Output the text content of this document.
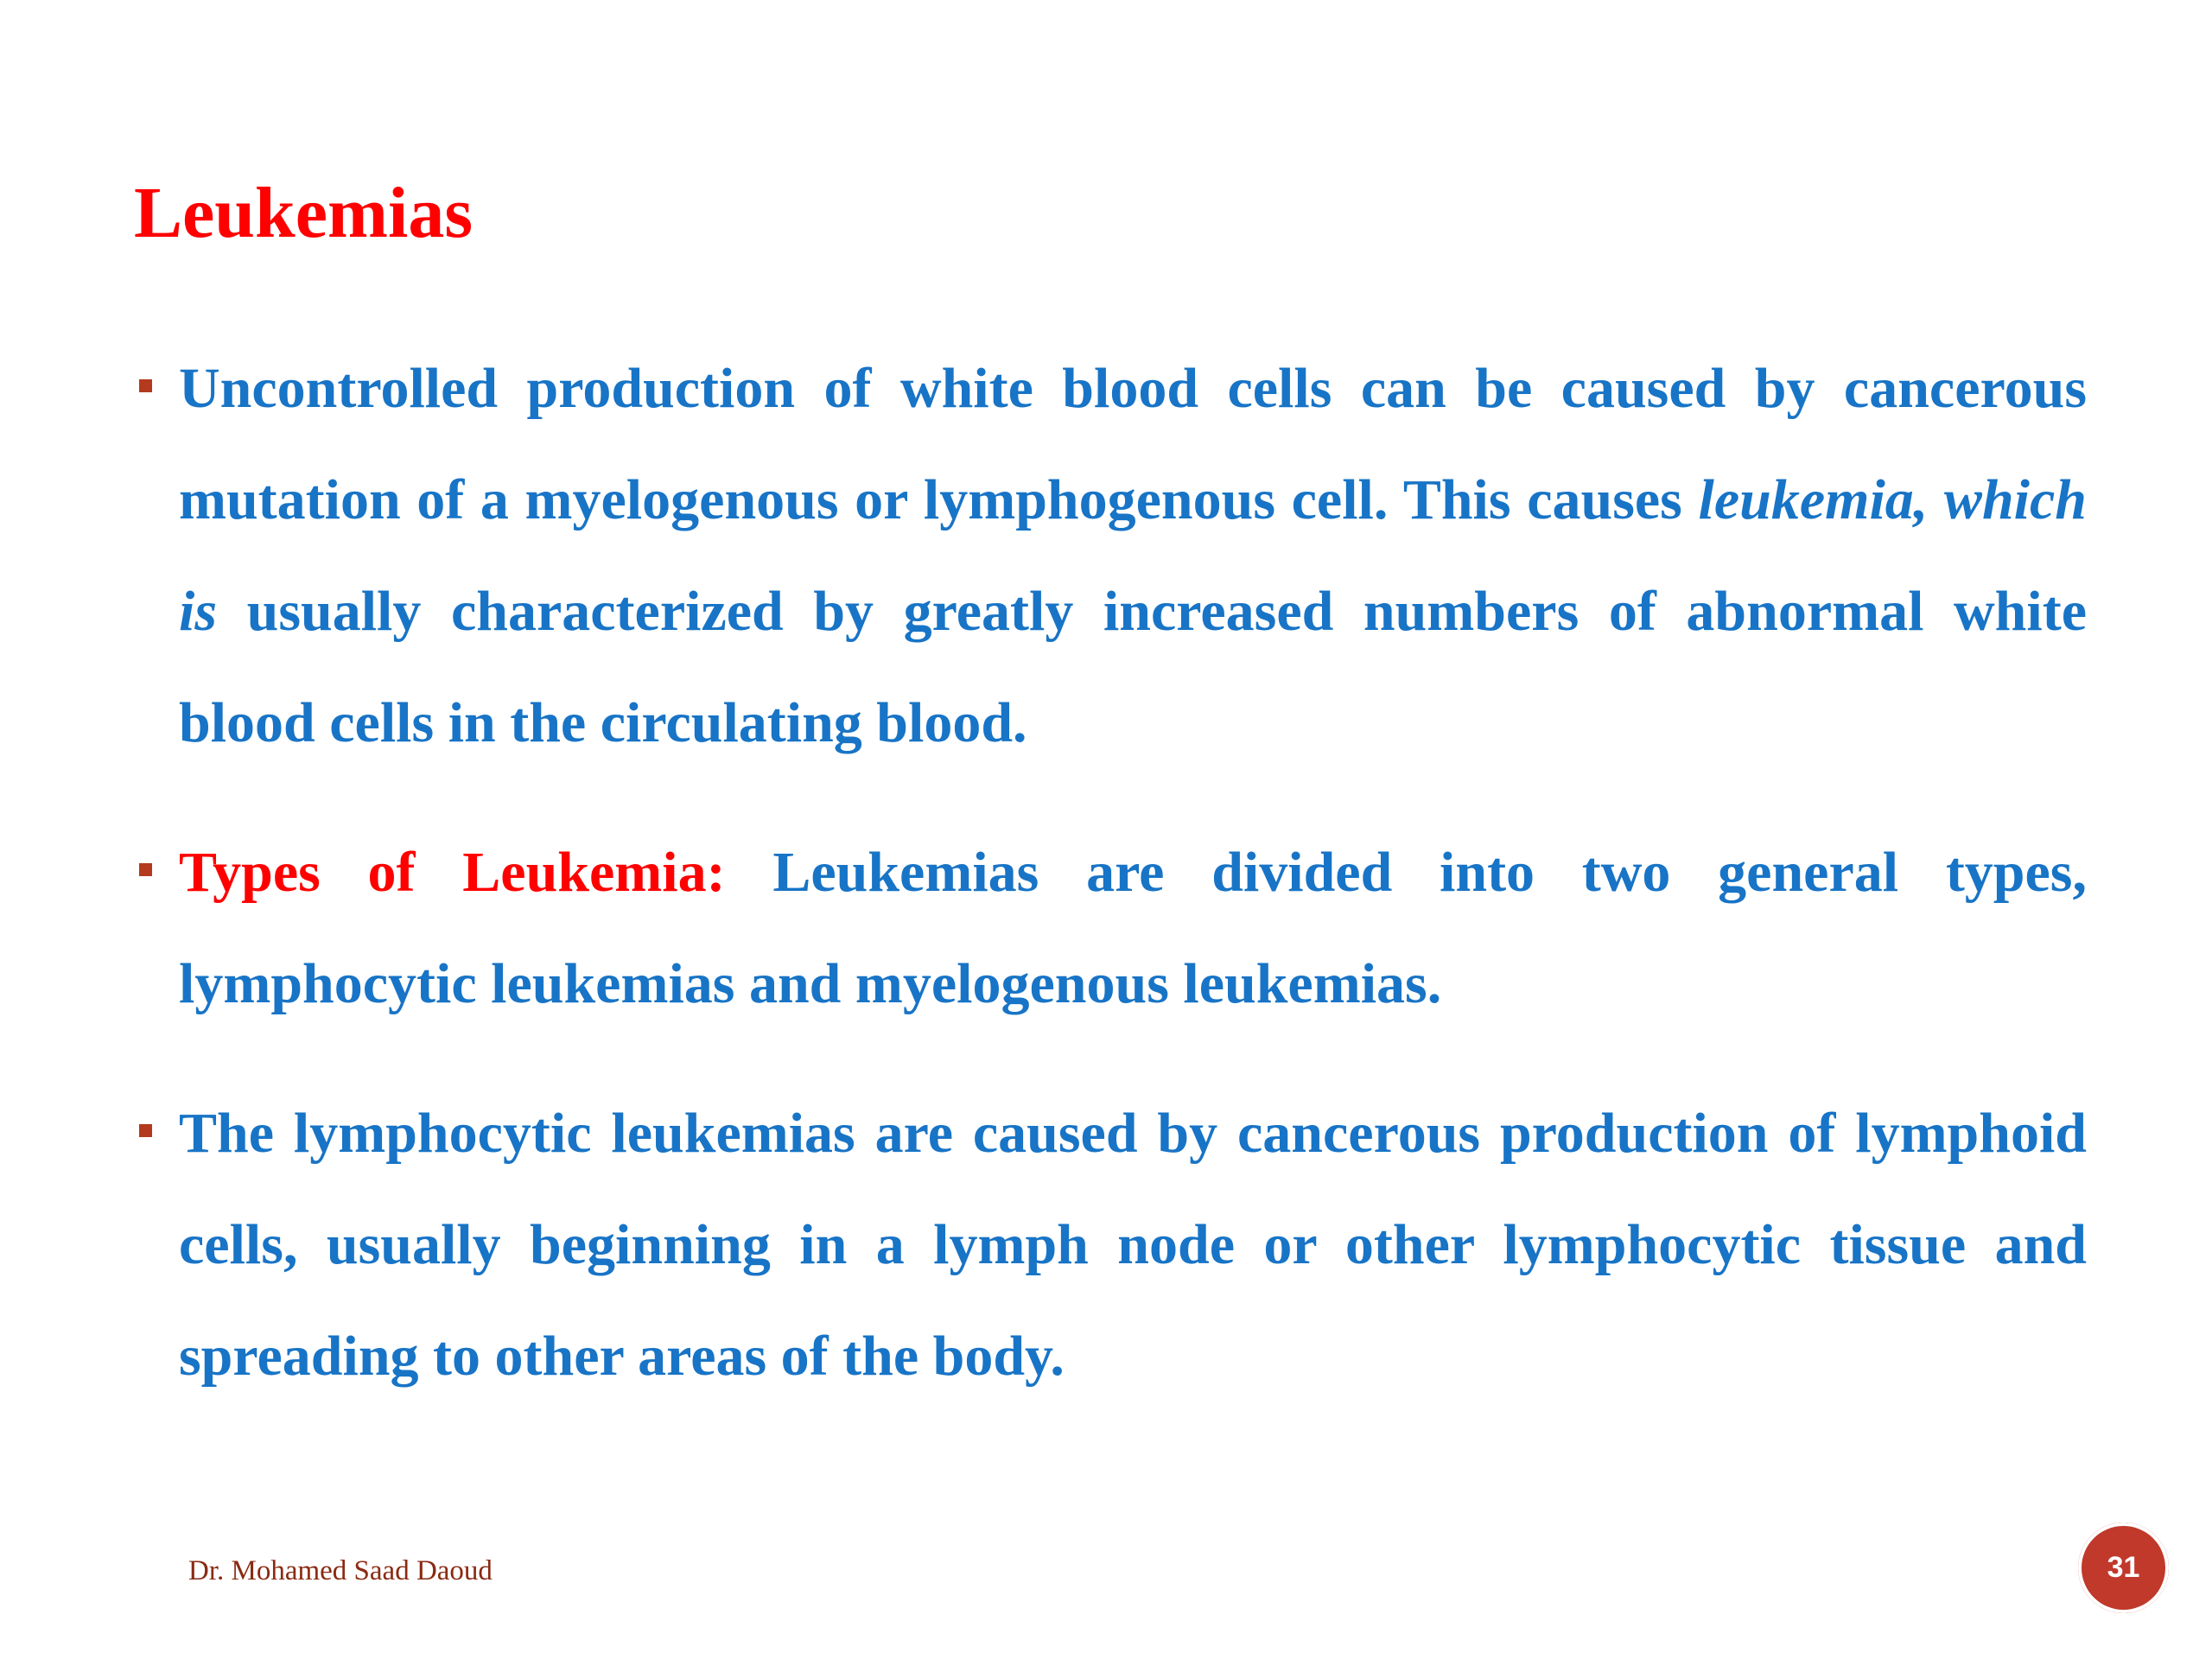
Leukemias
Uncontrolled production of white blood cells can be caused by cancerous mutation of a myelogenous or lymphogenous cell. This causes leukemia, which is usually characterized by greatly increased numbers of abnormal white blood cells in the circulating blood.
Types of Leukemia: Leukemias are divided into two general types, lymphocytic leukemias and myelogenous leukemias.
The lymphocytic leukemias are caused by cancerous production of lymphoid cells, usually beginning in a lymph node or other lymphocytic tissue and spreading to other areas of the body.
Dr. Mohamed Saad Daoud	31
